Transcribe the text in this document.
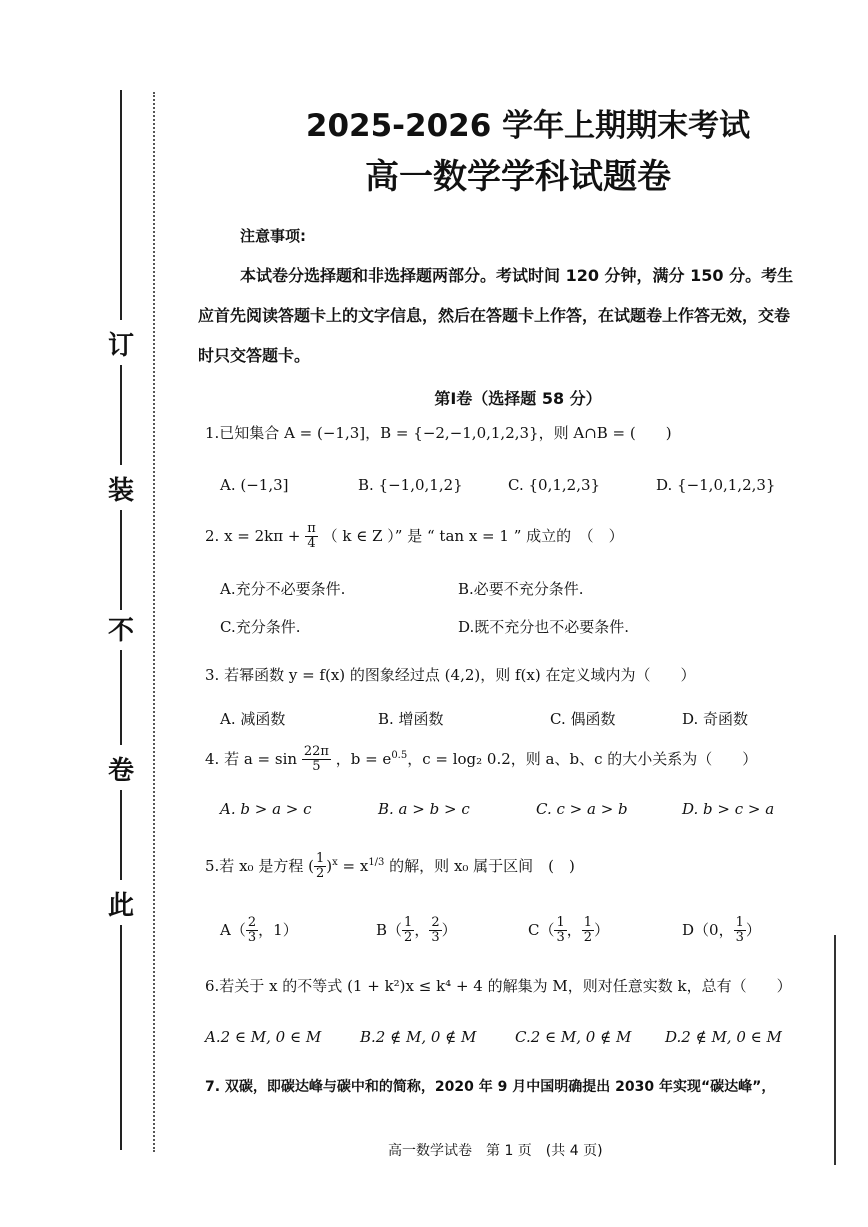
订
装
不
卷
此
2025-2026 学年上期期末考试
高一数学学科试题卷
注意事项:
本试卷分选择题和非选择题两部分。考试时间 120 分钟，满分 150 分。考生应首先阅读答题卡上的文字信息，然后在答题卡上作答，在试题卷上作答无效，交卷时只交答题卡。
第Ⅰ卷（选择题 58 分）
1.已知集合 A = (−1,3]，B = {−2,−1,0,1,2,3}，则 A∩B = (　　)
A. (−1,3]	B. {−1,0,1,2}	C. {0,1,2,3}	D. {−1,0,1,2,3}
2. $x = 2k\pi + \frac{\pi}{4}$ （ k ∈ Z ）” 是 “ tan x = 1 ” 成立的　（　）
A.充分不必要条件.	B.必要不充分条件.
C.充分条件.	D.既不充分也不必要条件.
3. 若幂函数 y = f(x) 的图象经过点 (4,2)，则 f(x) 在定义域内为（　　）
A. 减函数	B. 增函数	C. 偶函数	D. 奇函数
4. 若 $a = \sin \frac{22\pi}{5}$ ，$b = e^{0.5}$，c = log₂ 0.2，则 a、b、c 的大小关系为（　　）
A. b > a > c	B. a > b > c	C. c > a > b	D. b > c > a
5.若 x₀ 是方程 ( $\frac{1}{2} )^x = x^{1/3}$ 的解，则 x₀ 属于区间　(　)
$A( \frac{2}{3}$ ，1）	$B( \frac{1}{2}$ ， $\frac{2}{3}$ ）	$C( \frac{1}{3}$ ， $\frac{1}{2}$ ）	D（0， $\frac{1}{3}$ ）
6.若关于 x 的不等式 (1 + k²)x ≤ k⁴ + 4 的解集为 M，则对任意实数 k，总有（　　）
A.2 ∈ M, 0 ∈ M	B.2 ∉ M, 0 ∉ M	C.2 ∈ M, 0 ∉ M D.2 ∉ M, 0 ∈ M
7. 双碳，即碳达峰与碳中和的简称，2020 年 9 月中国明确提出 2030 年实现“碳达峰”，
高一数学试卷　第 1 页　(共 4 页)
